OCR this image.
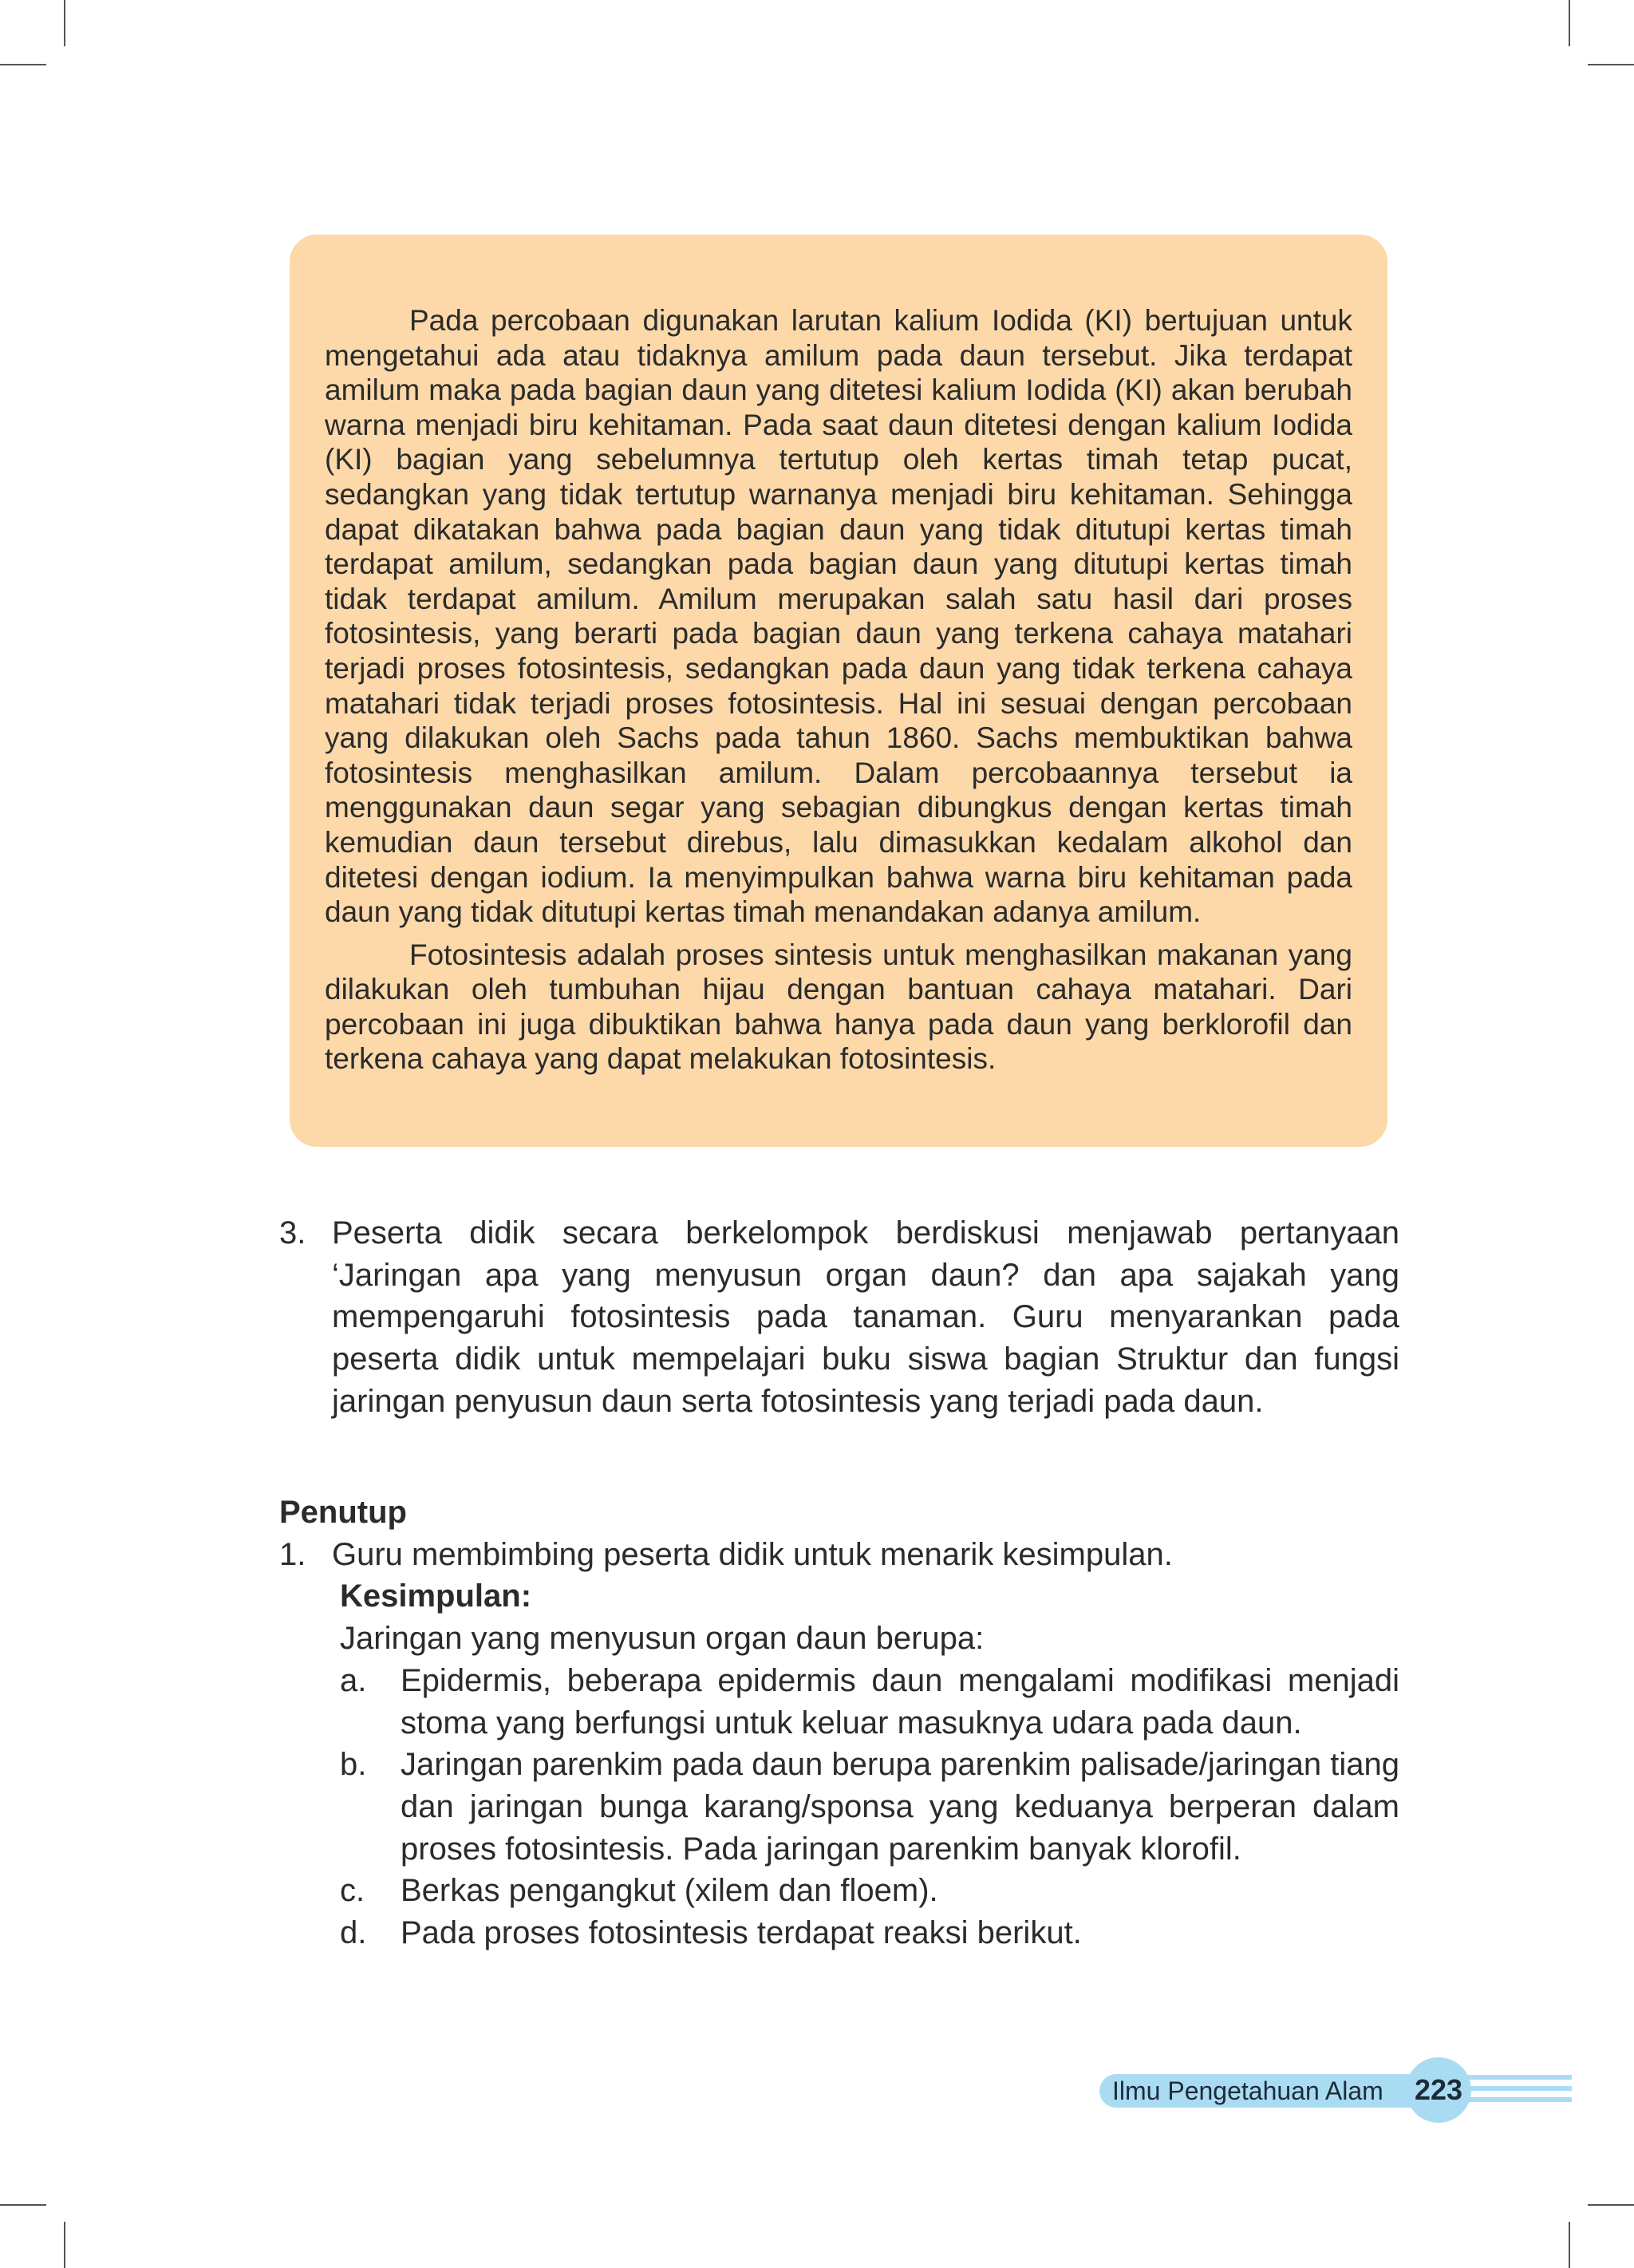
Pada percobaan digunakan larutan kalium Iodida (KI) bertujuan untuk mengetahui ada atau tidaknya amilum pada daun tersebut. Jika terdapat amilum maka pada bagian daun yang ditetesi kalium Iodida (KI) akan berubah warna menjadi biru kehitaman. Pada saat daun ditetesi dengan kalium Iodida (KI) bagian yang sebelumnya tertutup oleh kertas timah tetap pucat, sedangkan yang tidak tertutup warnanya menjadi biru kehitaman. Sehingga dapat dikatakan bahwa pada bagian daun yang tidak ditutupi kertas timah terdapat amilum, sedangkan pada bagian daun yang ditutupi kertas timah tidak terdapat amilum. Amilum merupakan salah satu hasil dari proses fotosintesis, yang berarti pada bagian daun yang terkena cahaya matahari terjadi proses fotosintesis, sedangkan pada daun yang tidak terkena cahaya matahari tidak terjadi proses fotosintesis. Hal ini sesuai dengan percobaan yang dilakukan oleh Sachs pada tahun 1860. Sachs membuktikan bahwa fotosintesis menghasilkan amilum. Dalam percobaannya tersebut ia menggunakan daun segar yang sebagian dibungkus dengan kertas timah kemudian daun tersebut direbus, lalu dimasukkan kedalam alkohol dan ditetesi dengan iodium. Ia menyimpulkan bahwa warna biru kehitaman pada daun yang tidak ditutupi kertas timah menandakan adanya amilum.

Fotosintesis adalah proses sintesis untuk menghasilkan makanan yang dilakukan oleh tumbuhan hijau dengan bantuan cahaya matahari. Dari percobaan ini juga dibuktikan bahwa hanya pada daun yang berklorofil dan terkena cahaya yang dapat melakukan fotosintesis.

3. Peserta didik secara berkelompok berdiskusi menjawab pertanyaan ‘Jaringan apa yang menyusun organ daun? dan apa sajakah yang mempengaruhi fotosintesis pada tanaman. Guru menyarankan pada peserta didik untuk mempelajari buku siswa bagian Struktur dan fungsi jaringan penyusun daun serta fotosintesis yang terjadi pada daun.
Penutup
1. Guru membimbing peserta didik untuk menarik kesimpulan.
Kesimpulan:
Jaringan yang menyusun organ daun berupa:
a. Epidermis, beberapa epidermis daun mengalami modifikasi menjadi stoma yang berfungsi untuk keluar masuknya udara pada daun.
b. Jaringan parenkim pada daun berupa parenkim palisade/jaringan tiang dan jaringan bunga karang/sponsa yang keduanya berperan dalam proses fotosintesis. Pada jaringan parenkim banyak klorofil.
c. Berkas pengangkut (xilem dan floem).
d. Pada proses fotosintesis terdapat reaksi berikut.
Ilmu Pengetahuan Alam	223
